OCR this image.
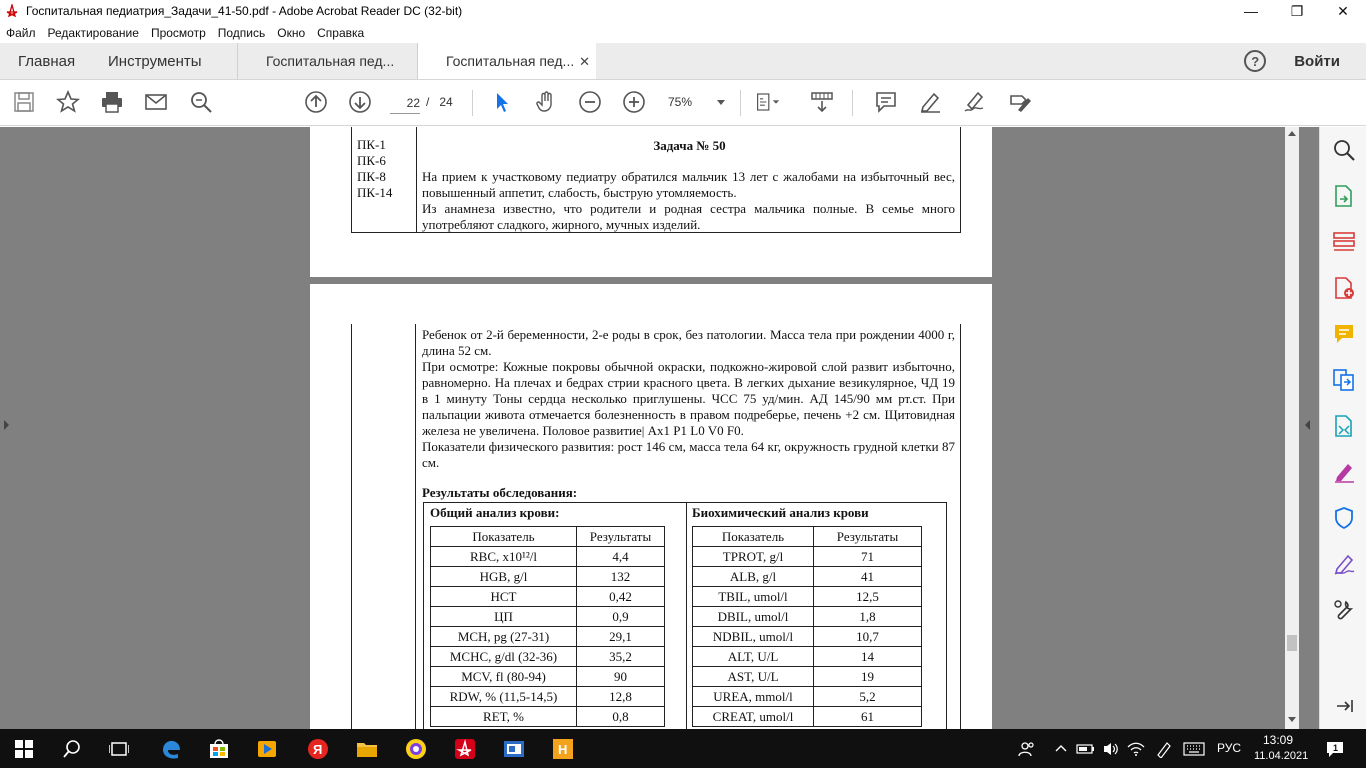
Госпитальная педиатрия_Задачи_41-50.pdf - Adobe Acrobat Reader DC (32-bit)	—	❐	✕
Файл Редактирование Просмотр Подпись Окно Справка
Главная	Инструменты	Госпитальная пед...	Госпитальная пед... ✕	?	Войти
22
/ 24	75%
ПК-1
ПК-6
ПК-8
ПК-14
Задача № 50
На прием к участковому педиатру обратился мальчик 13 лет с жалобами на избыточный вес, повышенный аппетит, слабость, быструю утомляемость.
Из анамнеза известно, что родители и родная сестра мальчика полные. В семье много употребляют сладкого, жирного, мучных изделий.

Ребенок от 2-й беременности, 2-е роды в срок, без патологии. Масса тела при рождении 4000 г, длина 52 см.

При осмотре: Кожные покровы обычной окраски, подкожно-жировой слой развит избыточно, равномерно. На плечах и бедрах стрии красного цвета. В легких дыхание везикулярное, ЧД 19 в 1 минуту Тоны сердца несколько приглушены. ЧСС 75 уд/мин. АД 145/90 мм рт.ст. При пальпации живота отмечается болезненность в правом подреберье, печень +2 см. Щитовидная железа не увеличена. Половое развитие| Ax1 P1 L0 V0 F0.

Показатели физического развития: рост 146 см, масса тела 64 кг, окружность грудной клетки 87 см.

Результаты обследования:
Общий анализ крови:	Биохимический анализ крови
Показатель	Результаты
RBC, x10¹²/l	4,4
HGB, g/l	132
HCT	0,42
ЦП	0,9
MCH, pg (27-31)	29,1
MCHC, g/dl (32-36)	35,2
MCV, fl (80-94)	90
RDW, % (11,5-14,5)	12,8
RET, %	0,8
Показатель	Результаты
TPROT, g/l	71
ALB, g/l	41
TBIL, umol/l	12,5
DBIL, umol/l	1,8
NDBIL, umol/l	10,7
ALT, U/L	14
AST, U/L	19
UREA, mmol/l	5,2
CREAT, umol/l	61
Я	H	РУС
13:09
11.04.2021
1
